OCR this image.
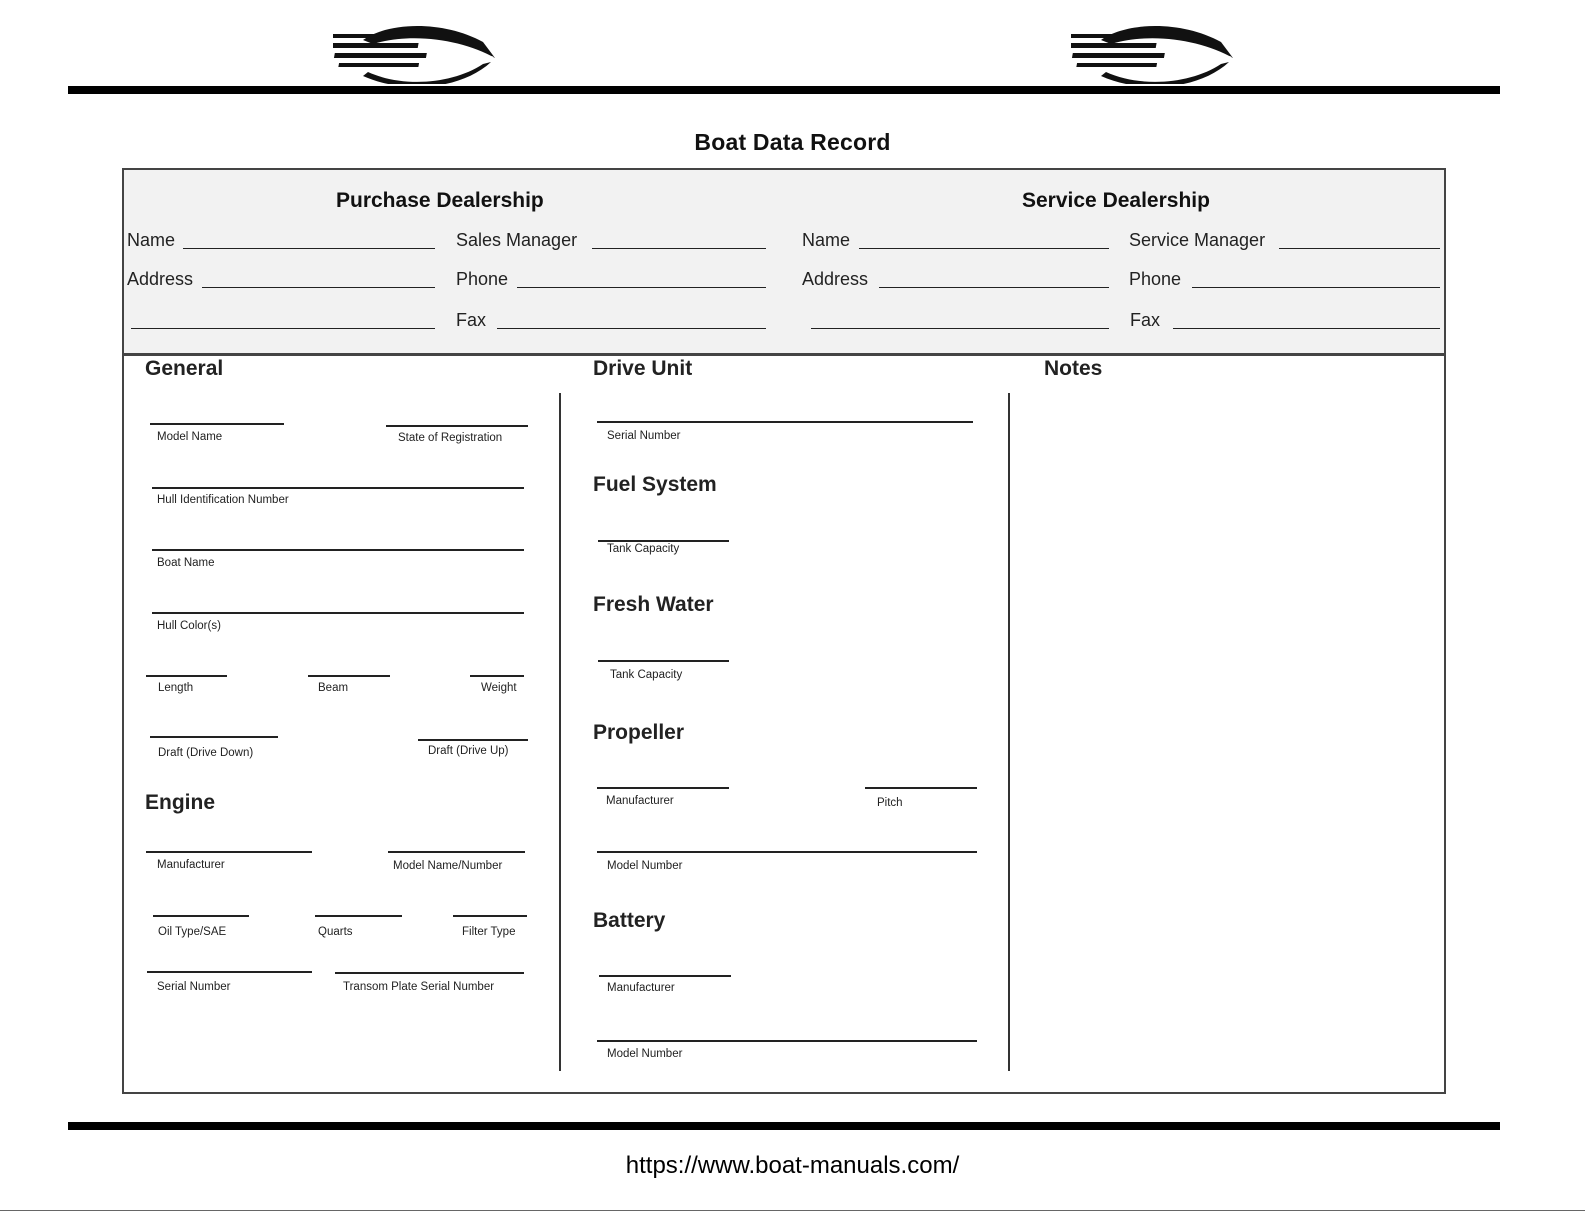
Boat Data Record
Purchase Dealership	Service Dealership
Name	Sales Manager
Address	Phone
Fax
Name	Service Manager
Address	Phone
Fax
General
Model Name	State of Registration
Hull Identification Number
Boat Name
Hull Color(s)
Length	Beam	Weight
Draft (Drive Down)	Draft (Drive Up)
Engine
Manufacturer	Model Name/Number
Oil Type/SAE	Quarts	Filter Type
Serial Number	Transom Plate Serial Number
Drive Unit
Serial Number
Fuel System
Tank Capacity
Fresh Water
Tank Capacity
Propeller
Manufacturer	Pitch
Model Number
Battery
Manufacturer
Model Number
Notes
https://www.boat-manuals.com/
